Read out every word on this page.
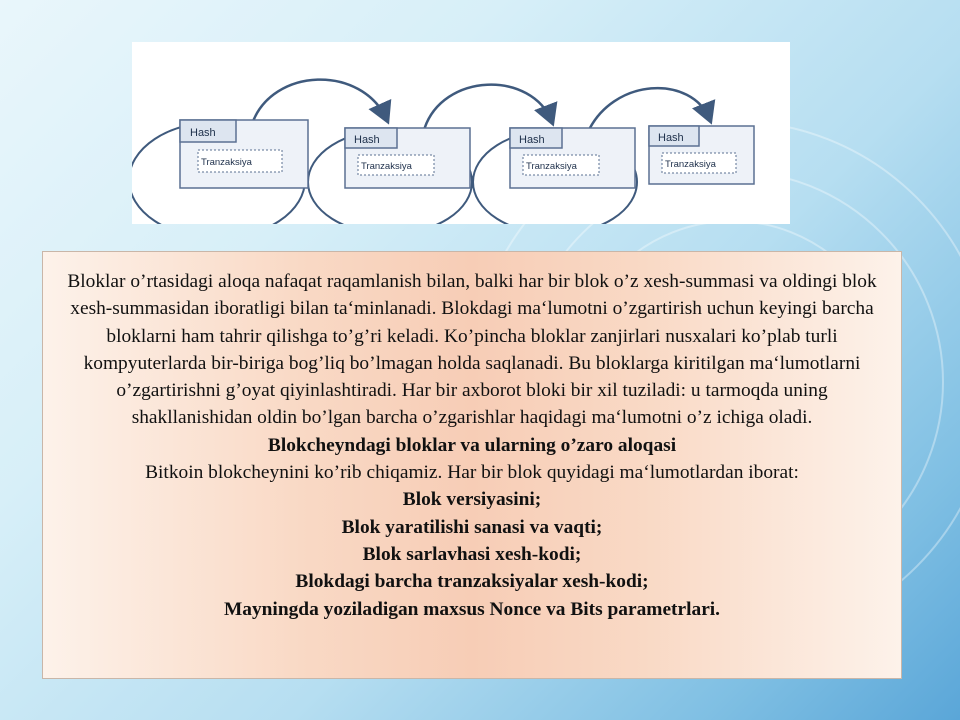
Hash
Tranzaksiya
Hash
Tranzaksiya
Hash
Tranzaksiya
Hash
Tranzaksiya

Bloklar o’rtasidagi aloqa nafaqat raqamlanish bilan, balki har bir blok o’z xesh-summasi va oldingi blok xesh-summasidan iboratligi bilan ta‘minlanadi. Blokdagi ma‘lumotni o’zgartirish uchun keyingi barcha bloklarni ham tahrir qilishga to’g’ri keladi. Ko’pincha bloklar zanjirlari nusxalari ko’plab turli kompyuterlarda bir-biriga bog’liq bo’lmagan holda saqlanadi. Bu bloklarga kiritilgan ma‘lumotlarni o’zgartirishni g’oyat qiyinlashtiradi. Har bir axborot bloki bir xil tuziladi: u tarmoqda uning shakllanishidan oldin bo’lgan barcha o’zgarishlar haqidagi ma‘lumotni o’z ichiga oladi.

Blokcheyndagi bloklar va ularning o’zaro aloqasi

Bitkoin blokcheynini ko’rib chiqamiz. Har bir blok quyidagi ma‘lumotlardan iborat:

Blok versiyasini;

Blok yaratilishi sanasi va vaqti;

Blok sarlavhasi xesh-kodi;

Blokdagi barcha tranzaksiyalar xesh-kodi;

Mayningda yoziladigan maxsus Nonce va Bits parametrlari.
